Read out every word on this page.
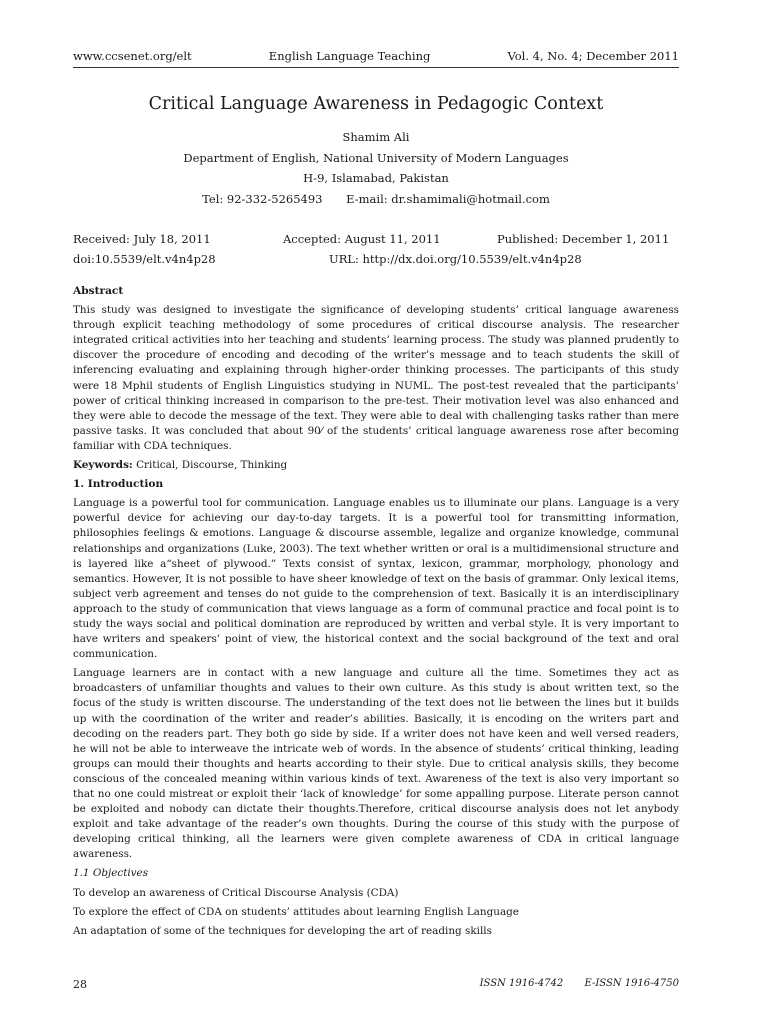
www.ccsenet.org/elt	English Language Teaching	Vol. 4, No. 4; December 2011
Critical Language Awareness in Pedagogic Context
Shamim Ali
Department of English, National University of Modern Languages
H-9, Islamabad, Pakistan
Tel: 92-332-5265493 E-mail: dr.shamimali@hotmail.com
Received: July 18, 2011	Accepted: August 11, 2011	Published: December 1, 2011
doi:10.5539/elt.v4n4p28	URL: http://dx.doi.org/10.5539/elt.v4n4p28
Abstract

This study was designed to investigate the significance of developing students’ critical language awareness through explicit teaching methodology of some procedures of critical discourse analysis. The researcher integrated critical activities into her teaching and students’ learning process. The study was planned prudently to discover the procedure of encoding and decoding of the writer’s message and to teach students the skill of inferencing evaluating and explaining through higher-order thinking processes. The participants of this study were 18 Mphil students of English Linguistics studying in NUML. The post-test revealed that the participants’ power of critical thinking increased in comparison to the pre-test. Their motivation level was also enhanced and they were able to decode the message of the text. They were able to deal with challenging tasks rather than mere passive tasks. It was concluded that about 90⁄ of the students’ critical language awareness rose after becoming familiar with CDA techniques.

Keywords: Critical, Discourse, Thinking

1. Introduction

Language is a powerful tool for communication. Language enables us to illuminate our plans. Language is a very powerful device for achieving our day-to-day targets. It is a powerful tool for transmitting information, philosophies feelings & emotions. Language & discourse assemble, legalize and organize knowledge, communal relationships and organizations (Luke, 2003). The text whether written or oral is a multidimensional structure and is layered like a“sheet of plywood.” Texts consist of syntax, lexicon, grammar, morphology, phonology and semantics. However, It is not possible to have sheer knowledge of text on the basis of grammar. Only lexical items, subject verb agreement and tenses do not guide to the comprehension of text. Basically it is an interdisciplinary approach to the study of communication that views language as a form of communal practice and focal point is to study the ways social and political domination are reproduced by written and verbal style. It is very important to have writers and speakers’ point of view, the historical context and the social background of the text and oral communication.

Language learners are in contact with a new language and culture all the time. Sometimes they act as broadcasters of unfamiliar thoughts and values to their own culture. As this study is about written text, so the focus of the study is written discourse. The understanding of the text does not lie between the lines but it builds up with the coordination of the writer and reader’s abilities. Basically, it is encoding on the writers part and decoding on the readers part. They both go side by side. If a writer does not have keen and well versed readers, he will not be able to interweave the intricate web of words. In the absence of students’ critical thinking, leading groups can mould their thoughts and hearts according to their style. Due to critical analysis skills, they become conscious of the concealed meaning within various kinds of text. Awareness of the text is also very important so that no one could mistreat or exploit their ‘lack of knowledge’ for some appalling purpose. Literate person cannot be exploited and nobody can dictate their thoughts.Therefore, critical discourse analysis does not let anybody exploit and take advantage of the reader’s own thoughts. During the course of this study with the purpose of developing critical thinking, all the learners were given complete awareness of CDA in critical language awareness.

1.1 Objectives
To develop an awareness of Critical Discourse Analysis (CDA)
To explore the effect of CDA on students’ attitudes about learning English Language
An adaptation of some of the techniques for developing the art of reading skills
28	ISSN 1916-4742 E-ISSN 1916-4750
